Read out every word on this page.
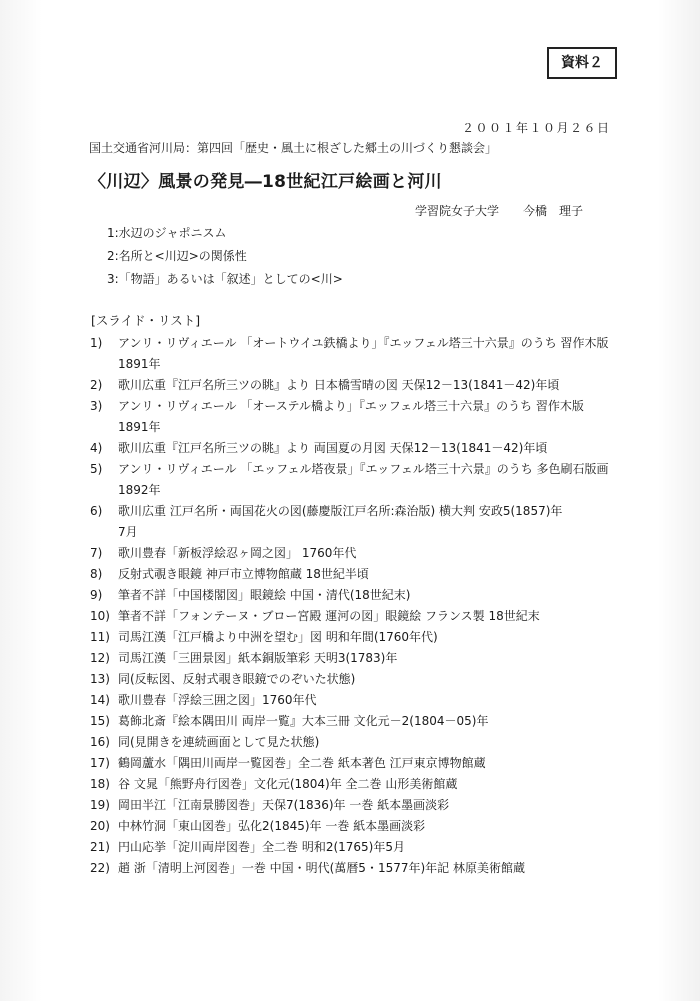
資料２
２００１年１０月２６日
国土交通省河川局：第四回「歴史・風土に根ざした郷土の川づくり懇談会」
〈川辺〉風景の発見―18世紀江戸絵画と河川
学習院女子大学　　今橋　理子
1:水辺のジャポニスム
2:名所と<川辺>の関係性
3:「物語」あるいは「叙述」としての<川>
[スライド・リスト]
1)	アンリ・リヴィエール 「オートウイユ鉄橋より」『エッフェル塔三十六景』のうち 習作木版
1891年
2)	歌川広重『江戸名所三ツの眺』より 日本橋雪晴の図 天保12－13(1841－42)年頃
3)	アンリ・リヴィエール 「オーステル橋より」『エッフェル塔三十六景』のうち 習作木版
1891年
4)	歌川広重『江戸名所三ツの眺』より 両国夏の月図 天保12－13(1841－42)年頃
5)	アンリ・リヴィエール 「エッフェル塔夜景」『エッフェル塔三十六景』のうち 多色刷石版画
1892年
6)	歌川広重 江戸名所・両国花火の図(藤慶版江戸名所:森治版) 横大判 安政5(1857)年
7月
7)	歌川豊春「新板浮絵忍ヶ岡之図」 1760年代
8)	反射式覗き眼鏡 神戸市立博物館蔵 18世紀半頃
9)	筆者不詳「中国楼閣図」眼鏡絵 中国・清代(18世紀末)
10) 筆者不詳「フォンテーヌ・ブロー宮殿 運河の図」眼鏡絵 フランス製 18世紀末
11) 司馬江漢「江戸橋より中洲を望む」図 明和年間(1760年代)
12) 司馬江漢「三囲景図」紙本銅版筆彩 天明3(1783)年
13) 同(反転図、反射式覗き眼鏡でのぞいた状態)
14) 歌川豊春「浮絵三囲之図」1760年代
15) 葛飾北斎『絵本隅田川 両岸一覧』大本三冊 文化元－2(1804－05)年
16) 同(見開きを連続画面として見た状態)
17) 鶴岡蘆水「隅田川両岸一覧図巻」全二巻 紙本著色 江戸東京博物館蔵
18) 谷 文晁「熊野舟行図巻」文化元(1804)年 全二巻 山形美術館蔵
19) 岡田半江「江南景勝図巻」天保7(1836)年 一巻 紙本墨画淡彩
20) 中林竹洞「東山図巻」弘化2(1845)年 一巻 紙本墨画淡彩
21) 円山応挙「淀川両岸図巻」全二巻 明和2(1765)年5月
22) 趙 浙「清明上河図巻」一巻 中国・明代(萬暦5・1577年)年記 林原美術館蔵
